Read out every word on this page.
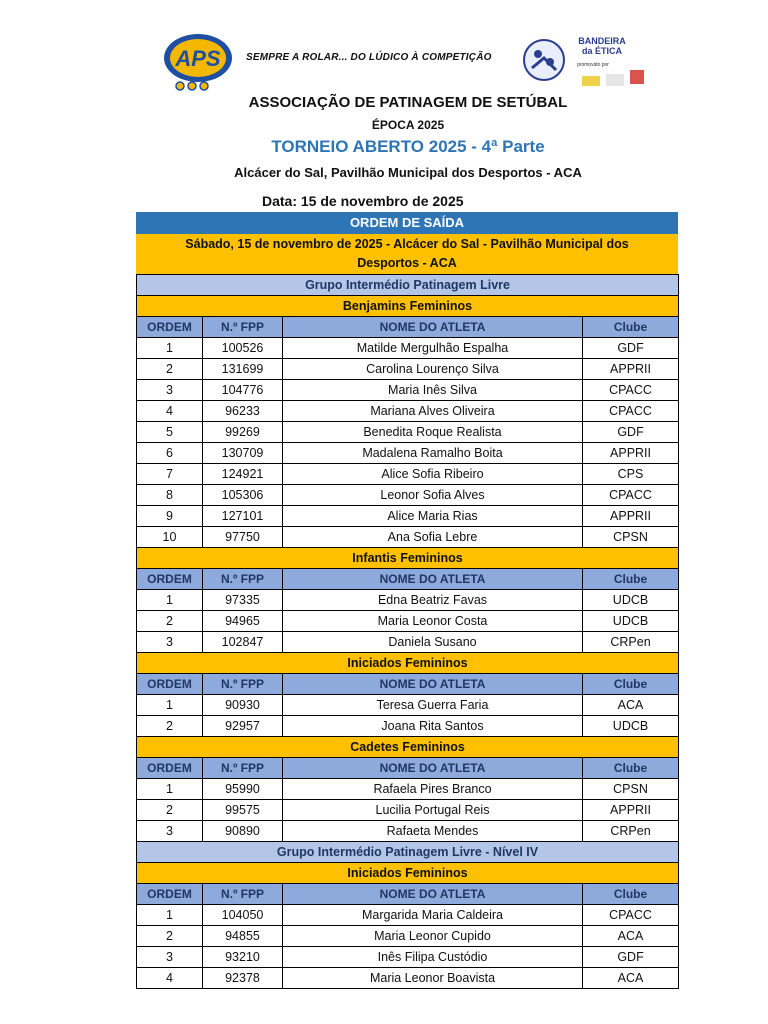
APS	SEMPRE A ROLAR... DO LÚDICO À COMPETIÇÃO
BANDEIRA da ÉTICA
promovido por
ASSOCIAÇÃO DE PATINAGEM DE SETÚBAL
ÉPOCA 2025
TORNEIO ABERTO 2025 - 4ª Parte
Alcácer do Sal, Pavilhão Municipal dos Desportos - ACA
Data: 15 de novembro de 2025
ORDEM DE SAÍDA
Sábado, 15 de novembro de 2025 - Alcácer do Sal - Pavilhão Municipal dos
Desportos - ACA
Grupo Intermédio Patinagem Livre			
Benjamins Femininos			
ORDEM	N.º FPP	NOME DO ATLETA	Clube
1	100526	Matilde Mergulhão Espalha	GDF
2	131699	Carolina Lourenço Silva	APPRII
3	104776	Maria Inês Silva	CPACC
4	96233	Mariana Alves Oliveira	CPACC
5	99269	Benedita Roque Realista	GDF
6	130709	Madalena Ramalho Boita	APPRII
7	124921	Alice Sofia Ribeiro	CPS
8	105306	Leonor Sofia Alves	CPACC
9	127101	Alice Maria Rias	APPRII
10	97750	Ana Sofia Lebre	CPSN
Infantis Femininos			
ORDEM	N.º FPP	NOME DO ATLETA	Clube
1	97335	Edna Beatriz Favas	UDCB
2	94965	Maria Leonor Costa	UDCB
3	102847	Daniela Susano	CRPen
Iniciados Femininos			
ORDEM	N.º FPP	NOME DO ATLETA	Clube
1	90930	Teresa Guerra Faria	ACA
2	92957	Joana Rita Santos	UDCB
Cadetes Femininos			
ORDEM	N.º FPP	NOME DO ATLETA	Clube
1	95990	Rafaela Pires Branco	CPSN
2	99575	Lucilia Portugal Reis	APPRII
3	90890	Rafaeta Mendes	CRPen
Grupo Intermédio Patinagem Livre - Nível IV			
Iniciados Femininos			
ORDEM	N.º FPP	NOME DO ATLETA	Clube
1	104050	Margarida Maria Caldeira	CPACC
2	94855	Maria Leonor Cupido	ACA
3	93210	Inês Filipa Custódio	GDF
4	92378	Maria Leonor Boavista	ACA
